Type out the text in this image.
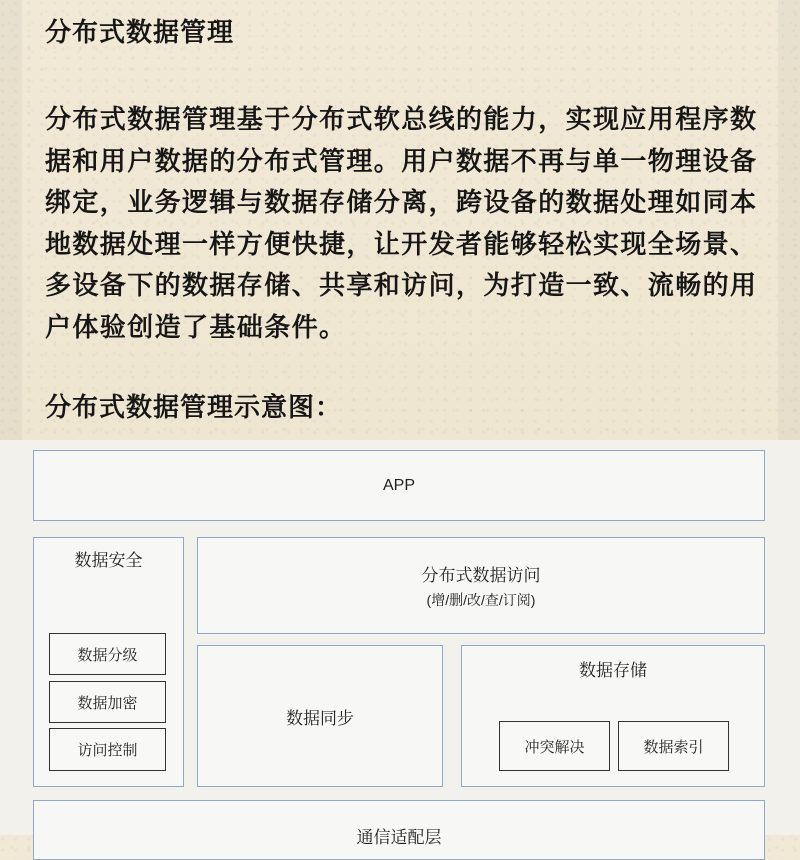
分布式数据管理

分布式数据管理基于分布式软总线的能力，实现应用程序数据和用户数据的分布式管理。用户数据不再与单一物理设备绑定，业务逻辑与数据存储分离，跨设备的数据处理如同本地数据处理一样方便快捷，让开发者能够轻松实现全场景、多设备下的数据存储、共享和访问，为打造一致、流畅的用户体验创造了基础条件。

分布式数据管理示意图：
APP
数据安全
数据分级
数据加密
访问控制
分布式数据访问
(增/删/改/查/订阅)
数据同步
数据存储
冲突解决	数据索引
通信适配层
